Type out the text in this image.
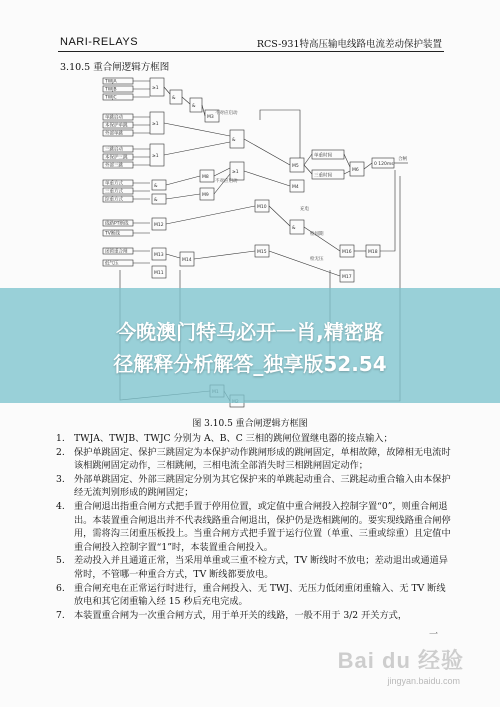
NARI-RELAYS	RCS-931特高压输电线路电流差动保护装置
3.10.5 重合闸逻辑方框图
TWJA
TWJB
TWJC
单跳启动
本保护单跳
外部单跳
三跳启动
本保护三跳
外部三跳
单重方式
三重方式
综重方式
线路PT断线
TV断线
闭锁重合闸
低气压
≥1
≥1
≥1
&
&
M3
&
&
M12
M13
M11
M8
M9
&
≥1
M10
M15
M14
M5
&
M4
单重时间
三重时间
M6
0 120ms
M16	M18
M17
不对应启动
不对应启动
检同期
检无压
充电
合闸
今晚澳门特马必开一肖,精密路
径解释分析解答_独享版52.54
图 3.10.5 重合闸逻辑方框图
1.	TWJA、TWJB、TWJC 分别为 A、B、C 三相的跳闸位置继电器的接点输入；
2.	保护单跳固定、保护三跳固定为本保护动作跳闸形成的跳闸固定，单相故障，故障相无电流时该相跳闸固定动作，三相跳闸，三相电流全部消失时三相跳闸固定动作；
3.	外部单跳固定、外部三跳固定分别为其它保护来的单跳起动重合、三跳起动重合输入由本保护经无流判别形成的跳闸固定；
4.	重合闸退出指重合闸方式把手置于停用位置，或定值中重合闸投入控制字置“0”，则重合闸退出。本装置重合闸退出并不代表线路重合闸退出，保护仍是选相跳闸的。要实现线路重合闸停用，需将沟三闭重压板投上。当重合闸方式把手置于运行位置（单重、三重或综重）且定值中重合闸投入控制字置“1”时，本装置重合闸投入。
5.	差动投入并且通道正常，当采用单重或三重不检方式，TV 断线时不放电；差动退出或通道异常时，不管哪一种重合方式，TV 断线都要放电。
6.	重合闸充电在正常运行时进行，重合闸投入、无 TWJ、无压力低闭重闭重输入、无 TV 断线放电和其它闭重输入经 15 秒后充电完成。
7.	本装置重合闸为一次重合闸方式，用于单开关的线路，一般不用于 3/2 开关方式，
一
Bai du 经验
jingyan.baidu.com
